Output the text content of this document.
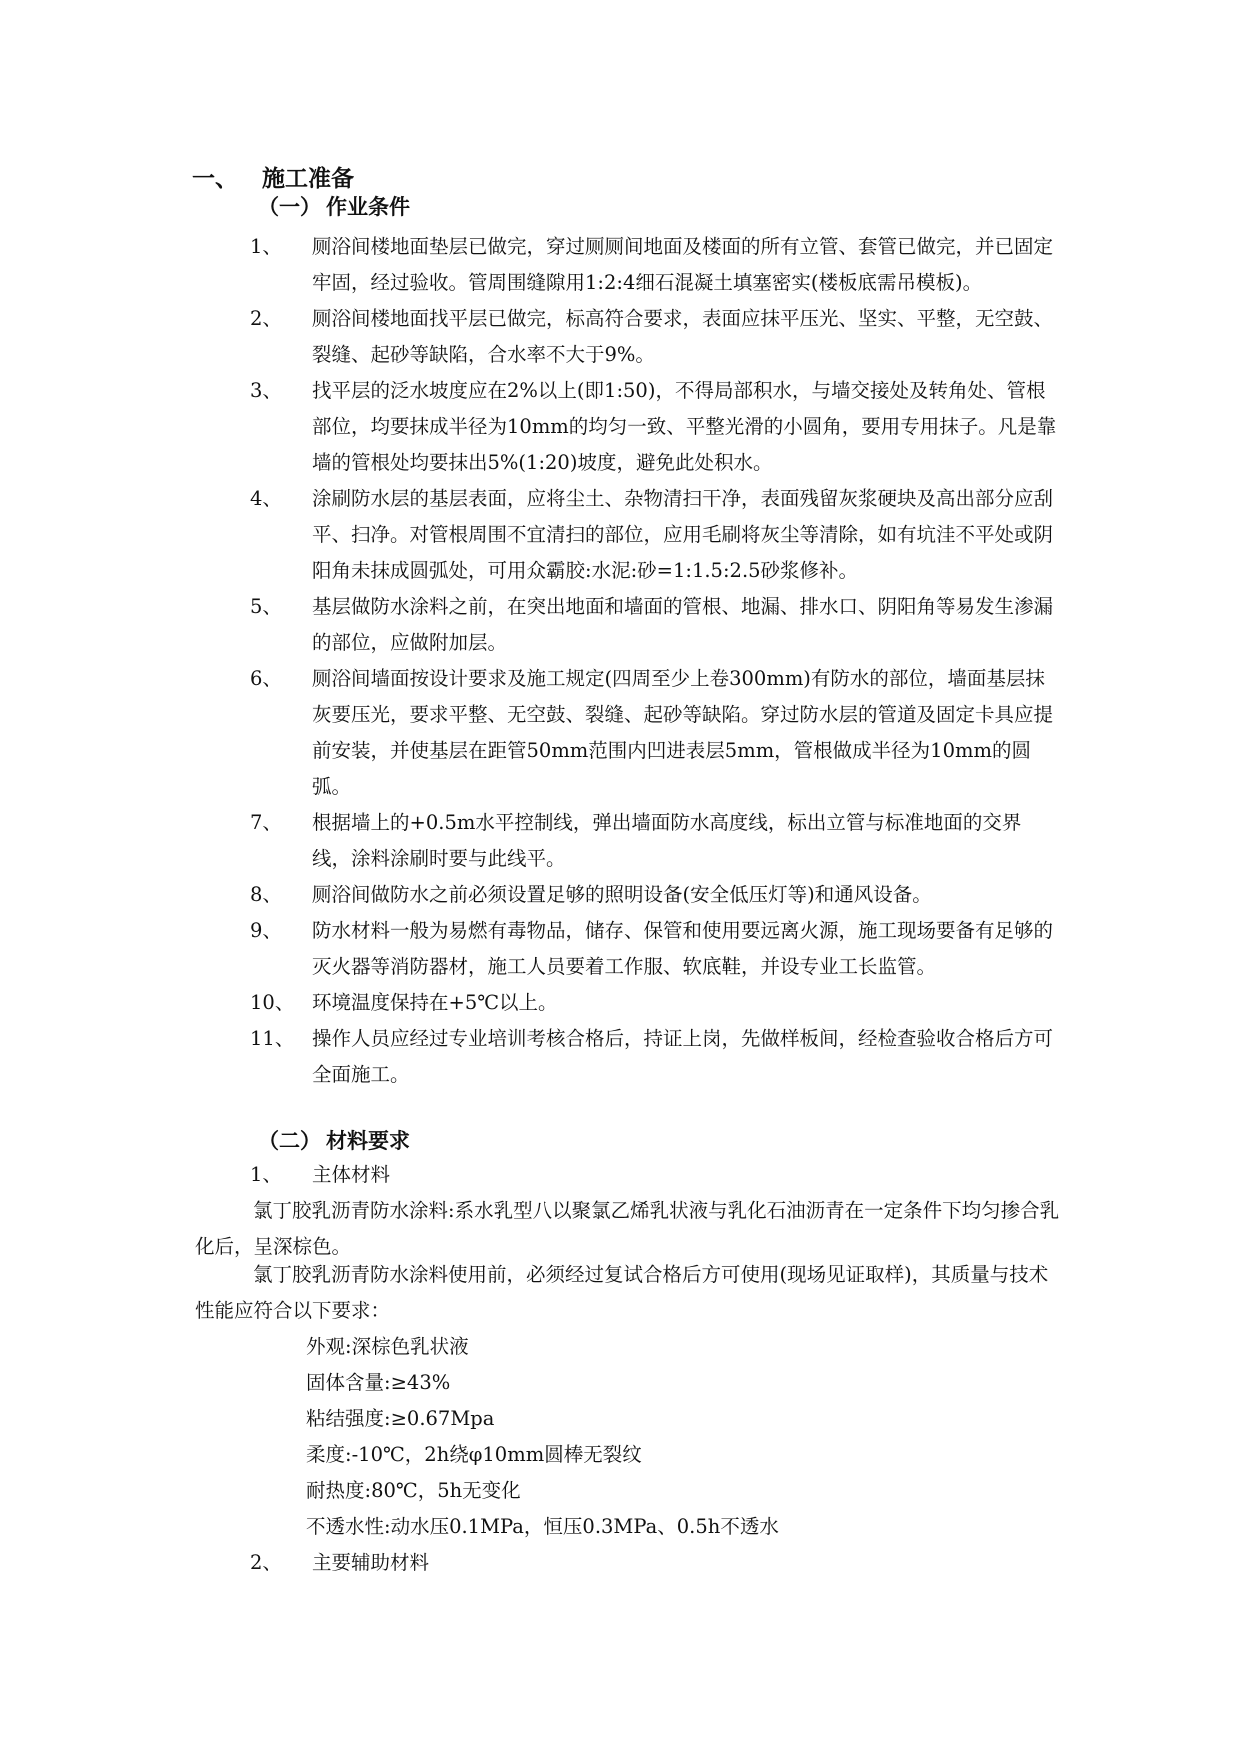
一、 施工准备
（一） 作业条件
1、	厕浴间楼地面垫层已做完，穿过厕厕间地面及楼面的所有立管、套管已做完，并已固定牢固，经过验收。管周围缝隙用1:2:4细石混凝土填塞密实(楼板底需吊模板)。
2、	厕浴间楼地面找平层已做完，标高符合要求，表面应抹平压光、坚实、平整，无空鼓、裂缝、起砂等缺陷，合水率不大于9%。
3、	找平层的泛水坡度应在2%以上(即1:50)，不得局部积水，与墙交接处及转角处、管根部位，均要抹成半径为10mm的均匀一致、平整光滑的小圆角，要用专用抹子。凡是靠墙的管根处均要抹出5%(1:20)坡度，避免此处积水。
4、	涂刷防水层的基层表面，应将尘土、杂物清扫干净，表面残留灰浆硬块及高出部分应刮平、扫净。对管根周围不宜清扫的部位，应用毛刷将灰尘等清除，如有坑洼不平处或阴阳角未抹成圆弧处，可用众霸胶:水泥:砂=1:1.5:2.5砂浆修补。
5、	基层做防水涂料之前，在突出地面和墙面的管根、地漏、排水口、阴阳角等易发生渗漏的部位，应做附加层。
6、	厕浴间墙面按设计要求及施工规定(四周至少上卷300mm)有防水的部位，墙面基层抹灰要压光，要求平整、无空鼓、裂缝、起砂等缺陷。穿过防水层的管道及固定卡具应提前安装，并使基层在距管50mm范围内凹进表层5mm，管根做成半径为10mm的圆弧。
7、	根据墙上的+0.5m水平控制线，弹出墙面防水高度线，标出立管与标准地面的交界线，涂料涂刷时要与此线平。
8、	厕浴间做防水之前必须设置足够的照明设备(安全低压灯等)和通风设备。
9、	防水材料一般为易燃有毒物品，储存、保管和使用要远离火源，施工现场要备有足够的灭火器等消防器材，施工人员要着工作服、软底鞋，并设专业工长监管。
10、 环境温度保持在+5℃以上。
11、 操作人员应经过专业培训考核合格后，持证上岗，先做样板间，经检查验收合格后方可全面施工。
（二） 材料要求
1、 主体材料
氯丁胶乳沥青防水涂料:系水乳型八以聚氯乙烯乳状液与乳化石油沥青在一定条件下均匀掺合乳化后，呈深棕色。
氯丁胶乳沥青防水涂料使用前，必须经过复试合格后方可使用(现场见证取样)，其质量与技术性能应符合以下要求：
外观:深棕色乳状液
固体含量:≥43%
粘结强度:≥0.67Mpa
柔度:-10℃，2h绕φ10mm圆棒无裂纹
耐热度:80℃，5h无变化
不透水性:动水压0.1MPa，恒压0.3MPa、0.5h不透水
2、 主要辅助材料
